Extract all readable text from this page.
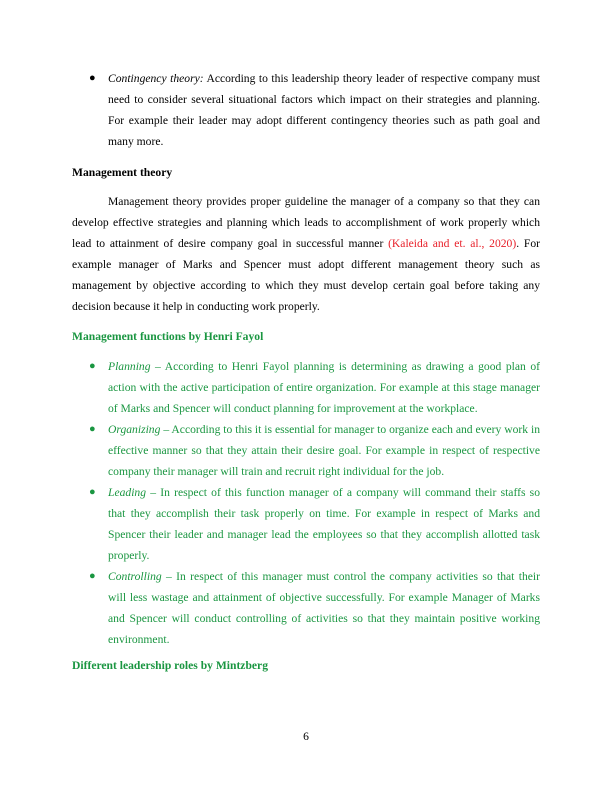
● Contingency theory: According to this leadership theory leader of respective company must need to consider several situational factors which impact on their strategies and planning. For example their leader may adopt different contingency theories such as path goal and many more.
Management theory

Management theory provides proper guideline the manager of a company so that they can develop effective strategies and planning which leads to accomplishment of work properly which lead to attainment of desire company goal in successful manner (Kaleida and et. al., 2020). For example manager of Marks and Spencer must adopt different management theory such as management by objective according to which they must develop certain goal before taking any decision because it help in conducting work properly.

Management functions by Henri Fayol
● Planning – According to Henri Fayol planning is determining as drawing a good plan of action with the active participation of entire organization. For example at this stage manager of Marks and Spencer will conduct planning for improvement at the workplace.
● Organizing – According to this it is essential for manager to organize each and every work in effective manner so that they attain their desire goal. For example in respect of respective company their manager will train and recruit right individual for the job.
● Leading – In respect of this function manager of a company will command their staffs so that they accomplish their task properly on time. For example in respect of Marks and Spencer their leader and manager lead the employees so that they accomplish allotted task properly.
● Controlling – In respect of this manager must control the company activities so that their will less wastage and attainment of objective successfully. For example Manager of Marks and Spencer will conduct controlling of activities so that they maintain positive working environment.
Different leadership roles by Mintzberg
6
